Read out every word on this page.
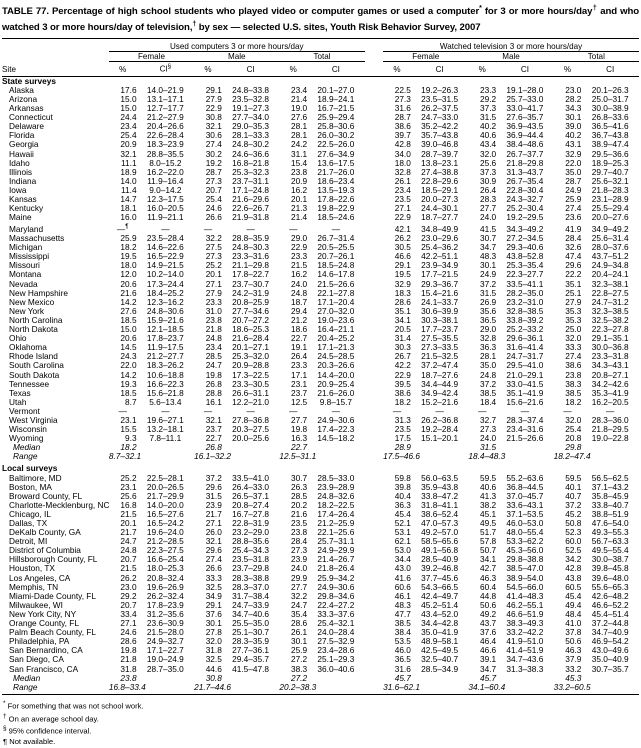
TABLE 77. Percentage of high school students who played video or computer games or used a computer* for 3 or more hours/day† and who watched 3 or more hours/day of television,† by sex — selected U.S. sites, Youth Risk Behavior Survey, 2007

	Used computers 3 or more hours/day							Watched television 3 or more hours/day					
	Female		Male		Total			Female		Male		Total	
Site	%	CI§	%	CI	%	CI		%	CI	%	CI	%	CI

State surveys													
Alaska	17.6	14.0–21.9	29.1	24.8–33.8	23.4	20.1–27.0		22.5	19.2–26.3	23.3	19.1–28.0	23.0	20.1–26.3
Arizona	15.0	13.1–17.1	27.9	23.5–32.8	21.4	18.9–24.1		27.3	23.5–31.5	29.2	25.7–33.0	28.2	25.0–31.7
Arkansas	15.0	12.7–17.7	22.9	19.1–27.3	19.0	16.7–21.5		31.6	26.2–37.5	37.3	33.0–41.7	34.3	30.0–38.9
Connecticut	24.4	21.2–27.9	30.8	27.7–34.0	27.6	25.9–29.4		28.7	24.7–33.0	31.5	27.6–35.7	30.1	26.8–33.6
Delaware	23.4	20.4–26.6	32.1	29.0–35.3	28.1	25.8–30.6		38.6	35.2–42.2	40.2	36.9–43.5	39.0	36.5–41.6
Florida	25.4	22.6–28.4	30.6	28.1–33.3	28.1	26.0–30.2		39.7	35.7–43.8	40.6	36.9–44.4	40.2	36.7–43.8
Georgia	20.9	18.3–23.9	27.4	24.8–30.2	24.2	22.5–26.0		42.8	39.0–46.8	43.4	38.4–48.6	43.1	38.9–47.4
Hawaii	32.1	28.8–35.5	30.2	24.6–36.6	31.1	27.6–34.9		34.0	28.7–39.7	32.0	26.7–37.7	32.9	29.5–36.6
Idaho	11.1	8.0–15.2	19.2	16.8–21.8	15.4	13.6–17.5		18.0	13.8–23.1	25.6	21.8–29.8	22.0	18.9–25.3
Illinois	18.9	16.2–22.0	28.7	25.3–32.3	23.8	21.7–26.0		32.8	27.4–38.8	37.3	31.3–43.7	35.0	29.7–40.7
Indiana	14.0	11.9–16.4	27.3	23.7–31.1	20.9	18.6–23.4		26.1	22.8–29.6	30.9	26.7–35.4	28.7	25.6–32.1
Iowa	11.4	9.0–14.2	20.7	17.1–24.8	16.2	13.5–19.3		23.4	18.5–29.1	26.4	22.8–30.4	24.9	21.8–28.3
Kansas	14.7	12.3–17.5	25.4	21.6–29.6	20.1	17.8–22.6		23.5	20.0–27.3	28.3	24.3–32.7	25.9	23.1–28.9
Kentucky	18.1	16.0–20.5	24.6	22.6–26.7	21.3	19.8–22.9		27.1	24.4–30.1	27.7	25.2–30.4	27.4	25.5–29.4
Maine	16.0	11.9–21.1	26.6	21.9–31.8	21.4	18.5–24.6		22.9	18.7–27.7	24.0	19.2–29.5	23.6	20.0–27.6
Maryland	—¶	—	—	—	—	—		42.1	34.8–49.9	41.5	34.3–49.2	41.9	34.9–49.2
Massachusetts	25.9	23.5–28.4	32.2	28.8–35.9	29.0	26.7–31.4		26.2	23.0–29.6	30.7	27.2–34.5	28.4	25.6–31.4
Michigan	18.2	14.6–22.6	27.5	24.8–30.3	22.9	20.5–25.5		30.5	25.4–36.2	34.7	29.3–40.6	32.6	28.0–37.6
Mississippi	19.5	16.5–22.9	27.3	23.3–31.6	23.3	20.7–26.1		46.6	42.2–51.1	48.3	43.8–52.8	47.4	43.7–51.2
Missouri	18.0	14.9–21.5	25.2	21.1–29.8	21.5	18.5–24.8		29.1	23.9–34.9	30.1	25.3–35.4	29.6	24.9–34.8
Montana	12.0	10.2–14.0	20.1	17.8–22.7	16.2	14.6–17.8		19.5	17.7–21.5	24.9	22.3–27.7	22.2	20.4–24.1
Nevada	20.6	17.3–24.4	27.1	23.7–30.7	24.0	21.5–26.6		32.9	29.3–36.7	37.2	33.5–41.1	35.1	32.3–38.1
New Hampshire	21.6	18.4–25.2	27.9	24.2–31.9	24.8	22.1–27.8		18.3	15.4–21.6	31.5	28.2–35.0	25.1	22.8–27.5
New Mexico	14.2	12.3–16.2	23.3	20.8–25.9	18.7	17.1–20.4		28.6	24.1–33.7	26.9	23.2–31.0	27.9	24.7–31.2
New York	27.6	24.8–30.6	31.0	27.7–34.6	29.4	27.0–32.0		35.1	30.6–39.9	35.6	32.8–38.5	35.3	32.3–38.5
North Carolina	18.5	15.9–21.6	23.8	20.7–27.2	21.2	19.0–23.6		34.1	30.3–38.1	36.5	33.8–39.2	35.3	32.5–38.2
North Dakota	15.0	12.1–18.5	21.8	18.6–25.3	18.6	16.4–21.1		20.5	17.7–23.7	29.0	25.2–33.2	25.0	22.3–27.8
Ohio	20.6	17.8–23.7	24.8	21.6–28.4	22.7	20.4–25.2		31.4	27.5–35.5	32.8	29.6–36.1	32.0	29.1–35.1
Oklahoma	14.5	11.9–17.5	23.4	20.1–27.1	19.1	17.1–21.3		30.3	27.3–33.5	36.3	31.6–41.4	33.3	30.0–36.8
Rhode Island	24.3	21.2–27.7	28.5	25.3–32.0	26.4	24.5–28.5		26.7	21.5–32.5	28.1	24.7–31.7	27.4	23.3–31.8
South Carolina	22.0	18.3–26.2	24.7	20.9–28.8	23.3	20.3–26.6		42.2	37.2–47.4	35.0	29.5–41.0	38.6	34.3–43.1
South Dakota	14.2	10.6–18.8	19.8	17.3–22.5	17.1	14.4–20.0		22.9	18.7–27.6	24.8	21.0–29.1	23.8	20.8–27.1
Tennessee	19.3	16.6–22.3	26.8	23.3–30.5	23.1	20.9–25.4		39.5	34.4–44.9	37.2	33.0–41.5	38.3	34.2–42.6
Texas	18.5	15.6–21.8	28.8	26.6–31.1	23.7	21.6–26.0		38.6	34.9–42.4	38.5	35.1–41.9	38.5	35.3–41.9
Utah	8.7	5.6–13.4	16.1	12.2–21.0	12.5	9.8–15.7		18.2	15.2–21.6	18.4	15.6–21.6	18.2	16.2–20.5
Vermont	—	—	—	—	—	—		—	—	—	—	—	—
West Virginia	23.1	19.6–27.1	32.1	27.8–36.8	27.7	24.9–30.6		31.3	26.2–36.8	32.7	28.3–37.4	32.0	28.3–36.0
Wisconsin	15.5	13.2–18.1	23.7	20.3–27.5	19.8	17.4–22.3		23.5	19.2–28.4	27.3	23.4–31.6	25.4	21.8–29.5
Wyoming	9.3	7.8–11.1	22.7	20.0–25.6	16.3	14.5–18.2		17.5	15.1–20.1	24.0	21.5–26.6	20.8	19.0–22.8
Median	18.2		26.8		22.7			28.9		31.5		29.8	
Range	8.7–32.1		16.1–32.2		12.5–31.1			17.5–46.6		18.4–48.3		18.2–47.4	

Local surveys													
Baltimore, MD	25.2	22.5–28.1	37.2	33.5–41.0	30.7	28.5–33.0		59.8	56.0–63.5	59.5	55.2–63.6	59.5	56.5–62.5
Boston, MA	23.1	20.0–26.5	29.6	26.4–33.0	26.3	23.9–28.9		39.8	35.9–43.8	40.6	36.8–44.5	40.1	37.1–43.2
Broward County, FL	25.6	21.7–29.9	31.5	26.5–37.1	28.5	24.8–32.6		40.4	33.8–47.2	41.3	37.0–45.7	40.7	35.8–45.9
Charlotte-Mecklenburg, NC	16.8	14.0–20.0	23.9	20.8–27.4	20.2	18.2–22.5		36.3	31.8–41.1	38.2	33.6–43.1	37.2	33.8–40.7
Chicago, IL	21.5	16.5–27.6	21.7	16.7–27.8	21.6	17.4–26.4		45.4	38.6–52.4	45.1	37.1–53.5	45.2	38.8–51.9
Dallas, TX	20.1	16.5–24.2	27.1	22.8–31.9	23.5	21.2–25.9		52.1	47.0–57.3	49.5	46.0–53.0	50.8	47.6–54.0
DeKalb County, GA	21.7	19.6–24.0	26.0	23.2–29.0	23.8	22.1–25.6		53.1	49.2–57.0	51.7	48.0–55.4	52.3	49.3–55.3
Detroit, MI	24.7	21.2–28.5	32.1	28.8–35.6	28.4	25.7–31.1		62.1	58.5–65.6	57.8	53.3–62.2	60.0	56.7–63.3
District of Columbia	24.8	22.3–27.5	29.6	25.4–34.3	27.3	24.9–29.9		53.0	49.1–56.8	50.7	45.3–56.0	52.5	49.5–55.4
Hillsborough County, FL	20.7	16.6–25.4	27.4	23.5–31.8	23.9	21.4–26.7		34.4	28.5–40.9	34.1	29.8–38.8	34.2	30.0–38.7
Houston, TX	21.5	18.0–25.3	26.6	23.7–29.8	24.0	21.8–26.4		43.0	39.2–46.8	42.7	38.5–47.0	42.8	39.8–45.8
Los Angeles, CA	26.2	20.8–32.4	33.3	28.3–38.8	29.9	25.9–34.2		41.6	37.7–45.6	46.3	38.9–54.0	43.8	39.6–48.0
Memphis, TN	23.0	19.6–26.9	32.5	28.3–37.0	27.7	24.9–30.6		60.6	54.3–66.5	60.4	54.5–66.0	60.5	55.6–65.3
Miami-Dade County, FL	29.2	26.2–32.4	34.9	31.7–38.4	32.2	29.8–34.6		46.1	42.4–49.7	44.8	41.4–48.3	45.4	42.6–48.2
Milwaukee, WI	20.7	17.8–23.9	29.1	24.7–33.9	24.7	22.4–27.2		48.3	45.2–51.4	50.6	46.2–55.1	49.4	46.6–52.2
New York City, NY	33.4	31.2–35.6	37.6	34.7–40.6	35.4	33.3–37.6		47.7	43.4–52.0	49.2	46.6–51.9	48.4	45.4–51.4
Orange County, FL	27.1	23.6–30.9	30.1	25.5–35.0	28.6	25.4–32.1		38.5	34.4–42.8	43.7	38.3–49.3	41.0	37.2–44.8
Palm Beach County, FL	24.6	21.5–28.0	27.8	25.1–30.7	26.1	24.0–28.4		38.4	35.0–41.9	37.6	33.2–42.2	37.8	34.7–40.9
Philadelphia, PA	28.6	24.9–32.7	32.0	28.3–35.9	30.1	27.5–32.9		53.5	48.9–58.1	46.4	41.9–51.0	50.6	46.9–54.2
San Bernardino, CA	19.8	17.1–22.7	31.8	27.7–36.1	25.9	23.4–28.6		46.0	42.5–49.5	46.6	41.4–51.9	46.3	43.0–49.6
San Diego, CA	21.8	19.0–24.9	32.5	29.4–35.7	27.2	25.1–29.3		36.5	32.5–40.7	39.1	34.7–43.6	37.9	35.0–40.9
San Francisco, CA	31.8	28.7–35.0	44.6	41.5–47.8	38.3	36.0–40.6		31.6	28.5–34.9	34.7	31.3–38.3	33.2	30.7–35.7
Median	23.8		30.8		27.2			45.7		45.7		45.3	
Range	16.8–33.4		21.7–44.6		20.2–38.3			31.6–62.1		34.1–60.4		33.2–60.5	

* For something that was not school work.
† On an average school day.
§ 95% confidence interval.
¶ Not available.
